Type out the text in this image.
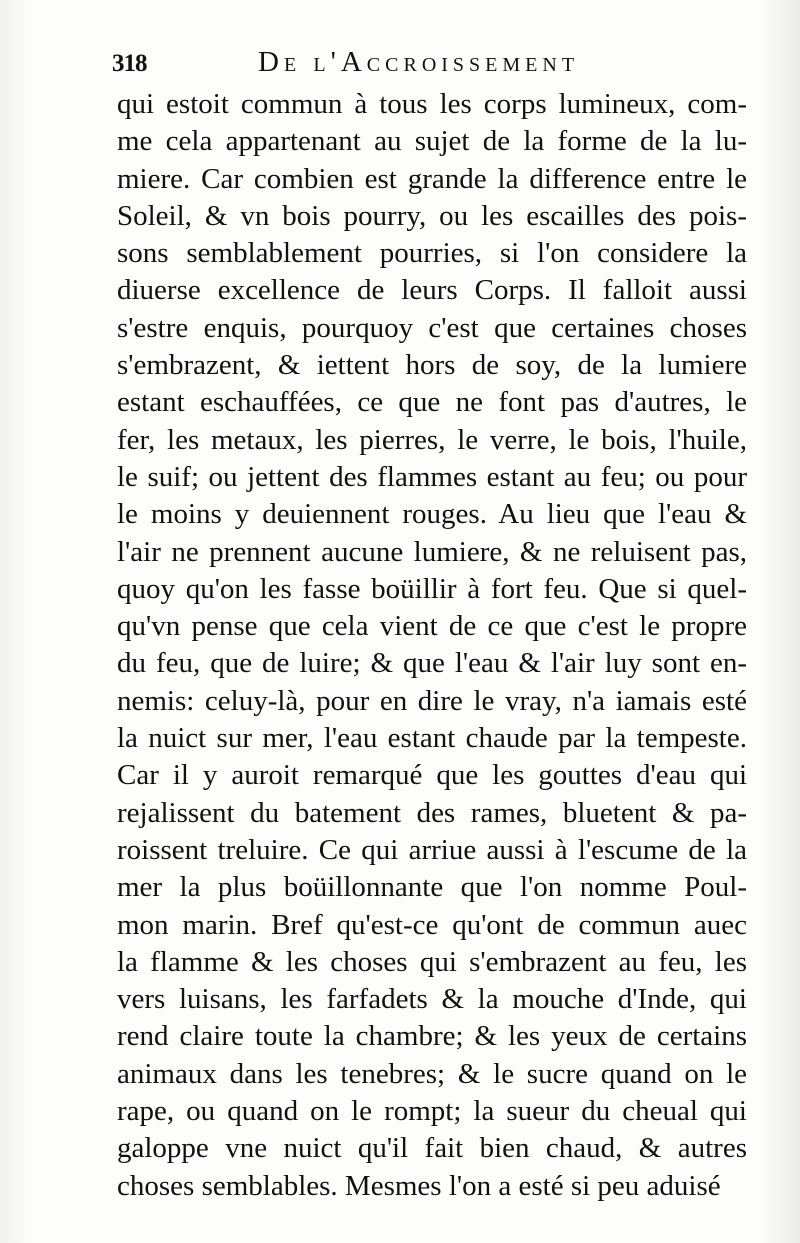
318	De l'Accroissement
qui estoit commun à tous les corps lumineux, com-
me cela appartenant au sujet de la forme de la lu-
miere. Car combien est grande la difference entre le
Soleil, & vn bois pourry, ou les escailles des pois-
sons semblablement pourries, si l'on considere la
diuerse excellence de leurs Corps. Il falloit aussi
s'estre enquis, pourquoy c'est que certaines choses
s'embrazent, & iettent hors de soy, de la lumiere
estant eschauffées, ce que ne font pas d'autres, le
fer, les metaux, les pierres, le verre, le bois, l'huile,
le suif; ou jettent des flammes estant au feu; ou pour
le moins y deuiennent rouges. Au lieu que l'eau &
l'air ne prennent aucune lumiere, & ne reluisent pas,
quoy qu'on les fasse boüillir à fort feu. Que si quel-
qu'vn pense que cela vient de ce que c'est le propre
du feu, que de luire; & que l'eau & l'air luy sont en-
nemis: celuy-là, pour en dire le vray, n'a iamais esté
la nuict sur mer, l'eau estant chaude par la tempeste.
Car il y auroit remarqué que les gouttes d'eau qui
rejalissent du batement des rames, bluetent & pa-
roissent treluire. Ce qui arriue aussi à l'escume de la
mer la plus boüillonnante que l'on nomme Poul-
mon marin. Bref qu'est-ce qu'ont de commun auec
la flamme & les choses qui s'embrazent au feu, les
vers luisans, les farfadets & la mouche d'Inde, qui
rend claire toute la chambre; & les yeux de certains
animaux dans les tenebres; & le sucre quand on le
rape, ou quand on le rompt; la sueur du cheual qui
galoppe vne nuict qu'il fait bien chaud, & autres
choses semblables. Mesmes l'on a esté si peu aduisé
